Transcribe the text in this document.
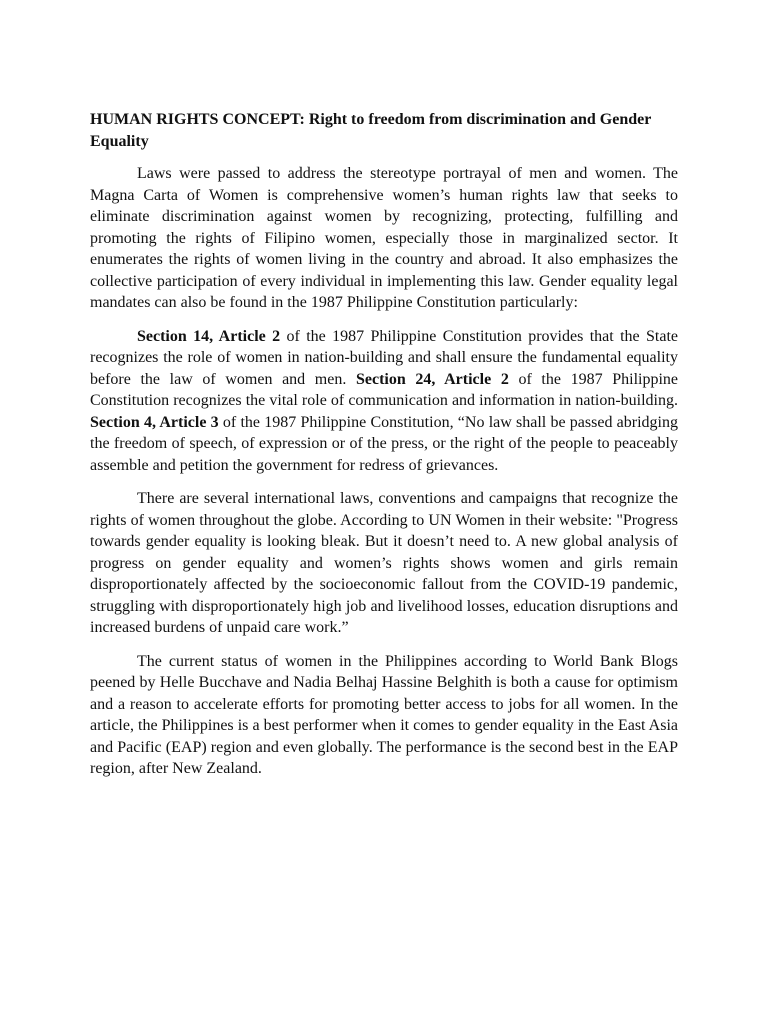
HUMAN RIGHTS CONCEPT: Right to freedom from discrimination and Gender Equality

Laws were passed to address the stereotype portrayal of men and women. The Magna Carta of Women is comprehensive women’s human rights law that seeks to eliminate discrimination against women by recognizing, protecting, fulfilling and promoting the rights of Filipino women, especially those in marginalized sector. It enumerates the rights of women living in the country and abroad. It also emphasizes the collective participation of every individual in implementing this law. Gender equality legal mandates can also be found in the 1987 Philippine Constitution particularly:

Section 14, Article 2 of the 1987 Philippine Constitution provides that the State recognizes the role of women in nation-building and shall ensure the fundamental equality before the law of women and men. Section 24, Article 2 of the 1987 Philippine Constitution recognizes the vital role of communication and information in nation-building. Section 4, Article 3 of the 1987 Philippine Constitution, “No law shall be passed abridging the freedom of speech, of expression or of the press, or the right of the people to peaceably assemble and petition the government for redress of grievances.

There are several international laws, conventions and campaigns that recognize the rights of women throughout the globe. According to UN Women in their website: "Progress towards gender equality is looking bleak. But it doesn’t need to. A new global analysis of progress on gender equality and women’s rights shows women and girls remain disproportionately affected by the socioeconomic fallout from the COVID-19 pandemic, struggling with disproportionately high job and livelihood losses, education disruptions and increased burdens of unpaid care work.”

The current status of women in the Philippines according to World Bank Blogs peened by Helle Bucchave and Nadia Belhaj Hassine Belghith is both a cause for optimism and a reason to accelerate efforts for promoting better access to jobs for all women. In the article, the Philippines is a best performer when it comes to gender equality in the East Asia and Pacific (EAP) region and even globally. The performance is the second best in the EAP region, after New Zealand.
